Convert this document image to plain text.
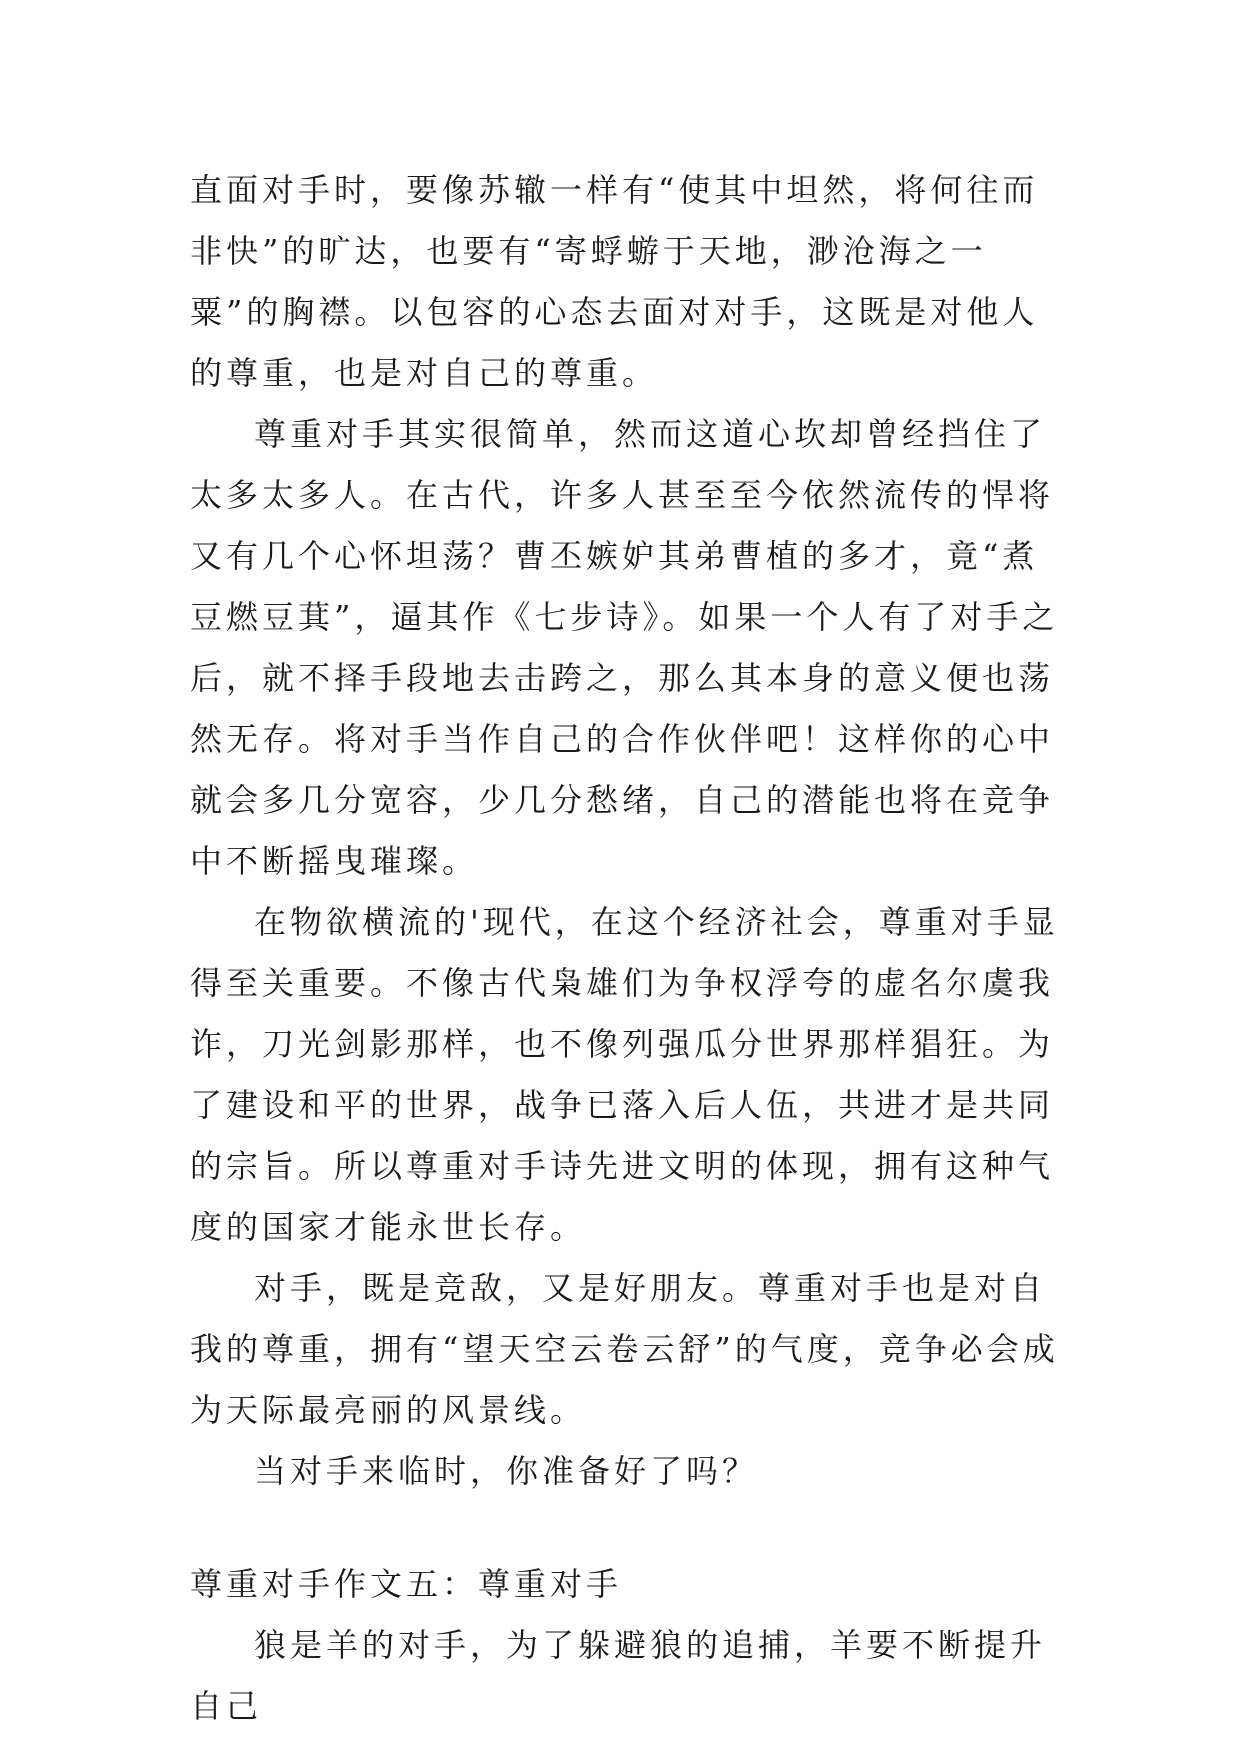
直面对手时，要像苏辙一样有“使其中坦然，将何往而非快”的旷达，也要有“寄蜉蝣于天地，渺沧海之一粟”的胸襟。以包容的心态去面对对手，这既是对他人的尊重，也是对自己的尊重。

尊重对手其实很简单，然而这道心坎却曾经挡住了太多太多人。在古代，许多人甚至至今依然流传的悍将又有几个心怀坦荡？曹丕嫉妒其弟曹植的多才，竟“煮豆燃豆萁”，逼其作《七步诗》。如果一个人有了对手之后，就不择手段地去击跨之，那么其本身的意义便也荡然无存。将对手当作自己的合作伙伴吧！这样你的心中就会多几分宽容，少几分愁绪，自己的潜能也将在竞争中不断摇曳璀璨。

在物欲横流的'现代，在这个经济社会，尊重对手显得至关重要。不像古代枭雄们为争权浮夸的虚名尔虞我诈，刀光剑影那样，也不像列强瓜分世界那样猖狂。为了建设和平的世界，战争已落入后人伍，共进才是共同的宗旨。所以尊重对手诗先进文明的体现，拥有这种气度的国家才能永世长存。

对手，既是竞敌，又是好朋友。尊重对手也是对自我的尊重，拥有“望天空云卷云舒”的气度，竞争必会成为天际最亮丽的风景线。

当对手来临时，你准备好了吗？

尊重对手作文五：尊重对手

狼是羊的对手，为了躲避狼的追捕，羊要不断提升自己
